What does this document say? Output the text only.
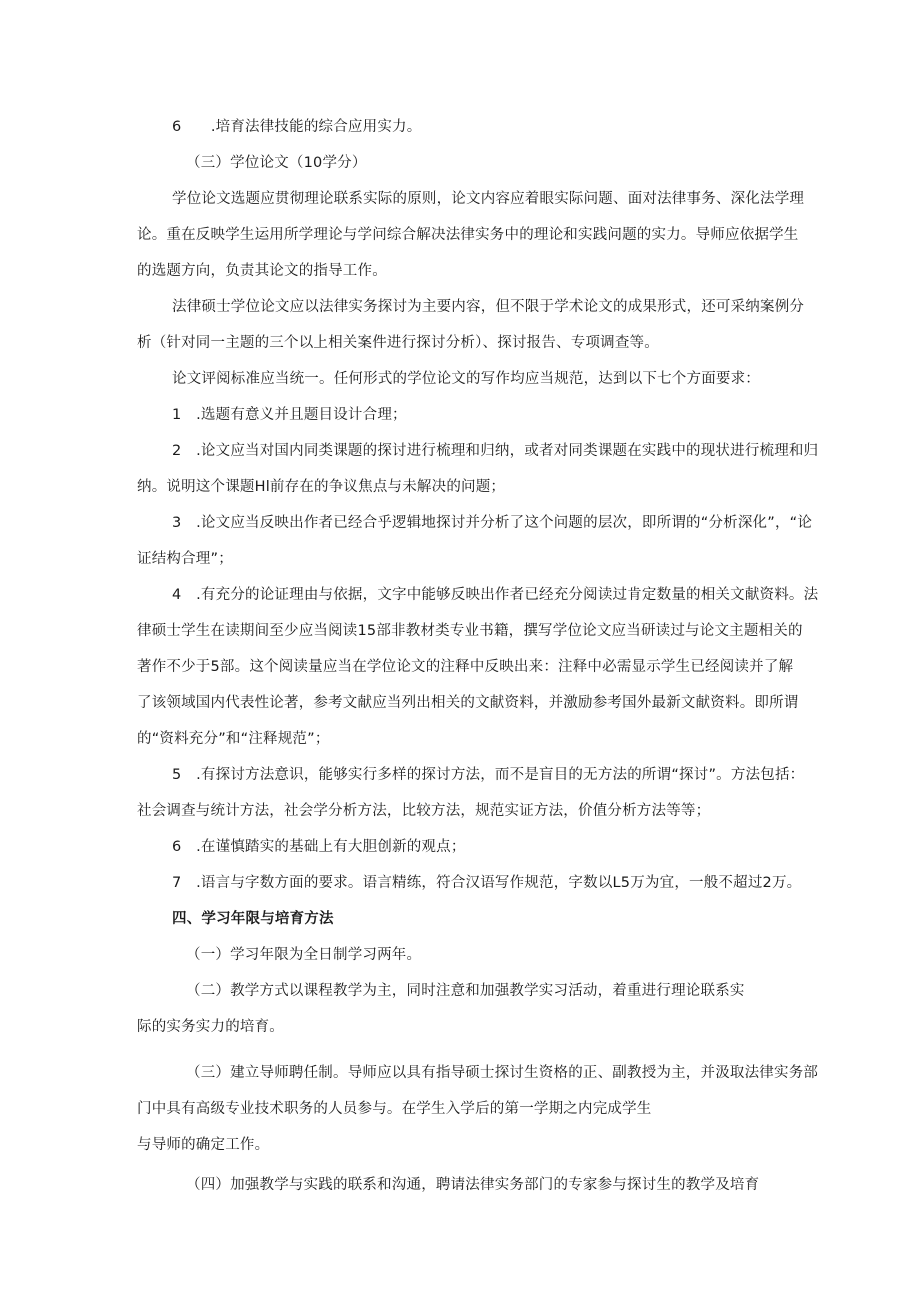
6　　.培育法律技能的综合应用实力。
（三）学位论文（10学分）
学位论文选题应贯彻理论联系实际的原则，论文内容应着眼实际问题、面对法律事务、深化法学理
论。重在反映学生运用所学理论与学问综合解决法律实务中的理论和实践问题的实力。导师应依据学生
的选题方向，负责其论文的指导工作。
法律硕士学位论文应以法律实务探讨为主要内容，但不限于学术论文的成果形式，还可采纳案例分
析（针对同一主题的三个以上相关案件进行探讨分析）、探讨报告、专项调查等。
论文评阅标准应当统一。任何形式的学位论文的写作均应当规范，达到以下七个方面要求：
1　.选题有意义并且题目设计合理；
2　.论文应当对国内同类课题的探讨进行梳理和归纳，或者对同类课题在实践中的现状进行梳理和归
纳。说明这个课题Hl前存在的争议焦点与未解决的问题；
3　.论文应当反映出作者已经合乎逻辑地探讨并分析了这个问题的层次，即所谓的“分析深化”，“论
证结构合理”；
4　.有充分的论证理由与依据，文字中能够反映出作者已经充分阅读过肯定数量的相关文献资料。法
律硕士学生在读期间至少应当阅读15部非教材类专业书籍，撰写学位论文应当研读过与论文主题相关的
著作不少于5部。这个阅读量应当在学位论文的注释中反映出来：注释中必需显示学生已经阅读并了解
了该领域国内代表性论著，参考文献应当列出相关的文献资料，并激励参考国外最新文献资料。即所谓
的“资料充分”和“注释规范”；
5　.有探讨方法意识，能够实行多样的探讨方法，而不是盲目的无方法的所谓“探讨”。方法包括：
社会调查与统计方法，社会学分析方法，比较方法，规范实证方法，价值分析方法等等；
6　.在谨慎踏实的基础上有大胆创新的观点；
7　.语言与字数方面的要求。语言精练，符合汉语写作规范，字数以L5万为宜，一般不超过2万。
四、学习年限与培育方法
（一）学习年限为全日制学习两年。
（二）教学方式以课程教学为主，同时注意和加强教学实习活动，着重进行理论联系实
际的实务实力的培育。
（三）建立导师聘任制。导师应以具有指导硕士探讨生资格的正、副教授为主，并汲取法律实务部
门中具有高级专业技术职务的人员参与。在学生入学后的第一学期之内完成学生
与导师的确定工作。
（四）加强教学与实践的联系和沟通，聘请法律实务部门的专家参与探讨生的教学及培育
